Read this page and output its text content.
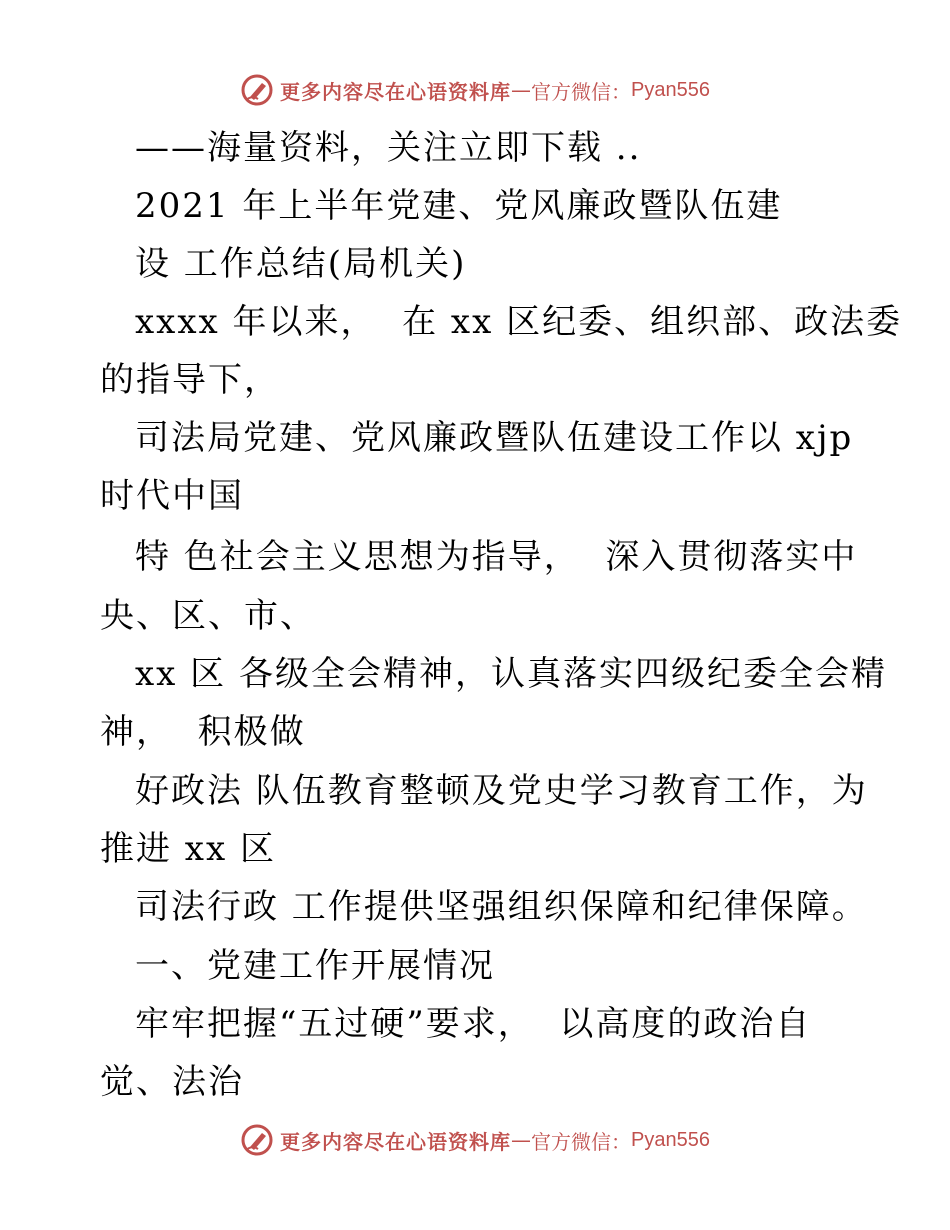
更多内容尽在心语资料库 — 官方微信： Pyan556
——海量资料，关注立即下载 ..
2021 年上半年党建、党风廉政暨队伍建
设 工作总结(局机关)
xxxx 年以来，  在 xx 区纪委、组织部、政法委
的指导下，
司法局党建、党风廉政暨队伍建设工作以 xjp
时代中国
特 色社会主义思想为指导，  深入贯彻落实中
央、区、市、
xx 区 各级全会精神，认真落实四级纪委全会精
神，  积极做
好政法 队伍教育整顿及党史学习教育工作，为
推进 xx 区
司法行政 工作提供坚强组织保障和纪律保障。
一、党建工作开展情况
牢牢把握“五过硬”要求，  以高度的政治自
觉、法治
更多内容尽在心语资料库 — 官方微信： Pyan556
